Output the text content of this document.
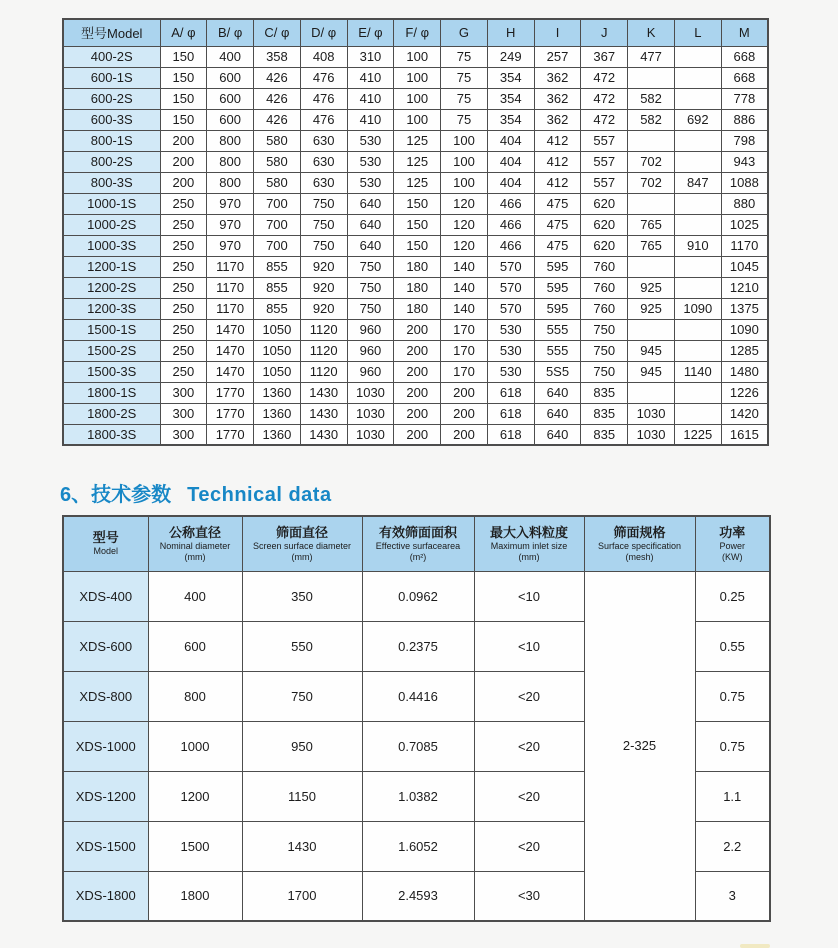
型号Model	A/ φ	B/ φ	C/ φ	D/ φ	E/ φ	F/ φ	G	H	I	J	K	L	M
400-2S	150	400	358	408	310	100	75	249	257	367	477		668
600-1S	150	600	426	476	410	100	75	354	362	472			668
600-2S	150	600	426	476	410	100	75	354	362	472	582		778
600-3S	150	600	426	476	410	100	75	354	362	472	582	692	886
800-1S	200	800	580	630	530	125	100	404	412	557			798
800-2S	200	800	580	630	530	125	100	404	412	557	702		943
800-3S	200	800	580	630	530	125	100	404	412	557	702	847	1088
1000-1S	250	970	700	750	640	150	120	466	475	620			880
1000-2S	250	970	700	750	640	150	120	466	475	620	765		1025
1000-3S	250	970	700	750	640	150	120	466	475	620	765	910	1170
1200-1S	250	1170	855	920	750	180	140	570	595	760			1045
1200-2S	250	1170	855	920	750	180	140	570	595	760	925		1210
1200-3S	250	1170	855	920	750	180	140	570	595	760	925	1090	1375
1500-1S	250	1470	1050	1120	960	200	170	530	555	750			1090
1500-2S	250	1470	1050	1120	960	200	170	530	555	750	945		1285
1500-3S	250	1470	1050	1120	960	200	170	530	5S5	750	945	1140	1480
1800-1S	300	1770	1360	1430	1030	200	200	618	640	835			1226
1800-2S	300	1770	1360	1430	1030	200	200	618	640	835	1030		1420
1800-3S	300	1770	1360	1430	1030	200	200	618	640	835	1030	1225	1615
6、技术参数 Technical data
型号
Model

公称直径
Nominal diameter
(mm)

筛面直径
Screen surface diameter
(mm)

有效筛面面积
Effective surfacearea
(m²)

最大入料粒度
Maximum inlet size
(mm)

筛面规格
Surface specification
(mesh)

功率
Power
(KW)

XDS-400	400	350	0.0962	<10	2-325	0.25
XDS-600	600	550	0.2375	<10		0.55
XDS-800	800	750	0.4416	<20		0.75
XDS-1000	1000	950	0.7085	<20		0.75
XDS-1200	1200	1150	1.0382	<20		1.1
XDS-1500	1500	1430	1.6052	<20		2.2
XDS-1800	1800	1700	2.4593	<30		3
